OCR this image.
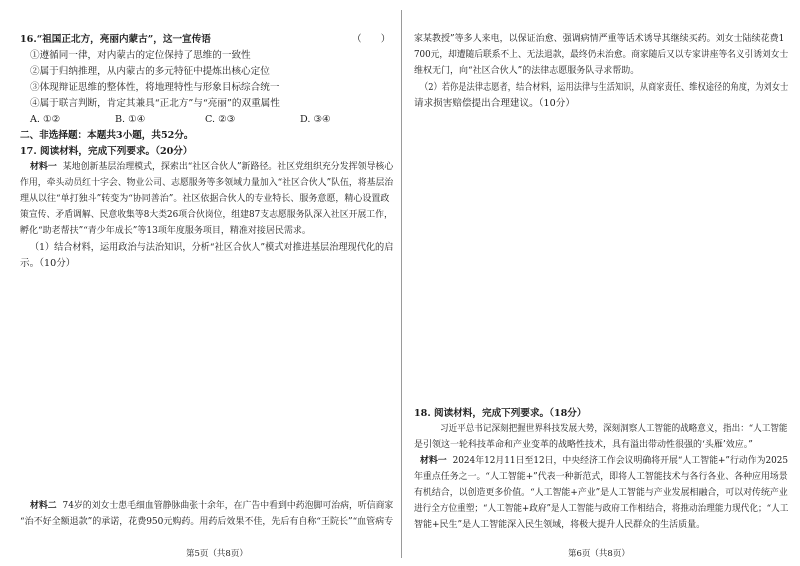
16.“祖国正北方，亮丽内蒙古”，这一宣传语	（　　）
①遵循同一律，对内蒙古的定位保持了思维的一致性
②属于归纳推理，从内蒙古的多元特征中提炼出核心定位
③体现辩证思维的整体性，将地理特性与形象目标综合统一
④属于联言判断，肯定其兼具“正北方”与“亮丽”的双重属性
A. ①②	B. ①④	C. ②③	D. ③④
二、非选择题：本题共3小题，共52分。
17. 阅读材料，完成下列要求。（20分）
材料一 某地创新基层治理模式，探索出“社区合伙人”新路径。社区党组织充分发挥领导核心
作用，牵头动员红十字会、物业公司、志愿服务等多领域力量加入“社区合伙人”队伍，将基层治
理从以往“单打独斗”转变为“协同善治”。社区依据合伙人的专业特长、服务意愿，精心设置政
策宣传、矛盾调解、民意收集等8大类26项合伙岗位，组建87支志愿服务队深入社区开展工作，
孵化“助老帮扶”“青少年成长”等13项年度服务项目，精准对接居民需求。
（1）结合材料，运用政治与法治知识，分析“社区合伙人”模式对推进基层治理现代化的启
示。（10分）
材料二 74岁的刘女士患毛细血管静脉曲张十余年，在广告中看到中药泡脚可治病，听信商家
“治不好全额退款”的承诺，花费950元购药。用药后效果不佳，先后有自称“王院长”“血管病专
第5页（共8页）
家某教授”等多人来电，以保证治愈、强调病情严重等话术诱导其继续买药。刘女士陆续花费1
700元，却遭随后联系不上、无法退款，最终仍未治愈。商家随后又以专家讲座等名义引诱刘女士
维权无门，向“社区合伙人”的法律志愿服务队寻求帮助。
（2）若你是法律志愿者，结合材料，运用法律与生活知识，从商家责任、维权途径的角度，为刘女士
请求损害赔偿提出合理建议。（10分）
18. 阅读材料，完成下列要求。（18分）
习近平总书记深刻把握世界科技发展大势，深刻洞察人工智能的战略意义，指出：“人工智能
是引领这一轮科技革命和产业变革的战略性技术，具有溢出带动性很强的‘头雁’效应。”
材料一 2024年12月11日至12日，中央经济工作会议明确将开展“人工智能+”行动作为2025
年重点任务之一。“人工智能+”代表一种新范式，即将人工智能技术与各行各业、各种应用场景
有机结合，以创造更多价值。“人工智能+产业”是人工智能与产业发展相融合，可以对传统产业
进行全方位重塑；“人工智能+政府”是人工智能与政府工作相结合，将推动治理能力现代化；“人工
智能+民生”是人工智能深入民生领域，将极大提升人民群众的生活质量。
第6页（共8页）
